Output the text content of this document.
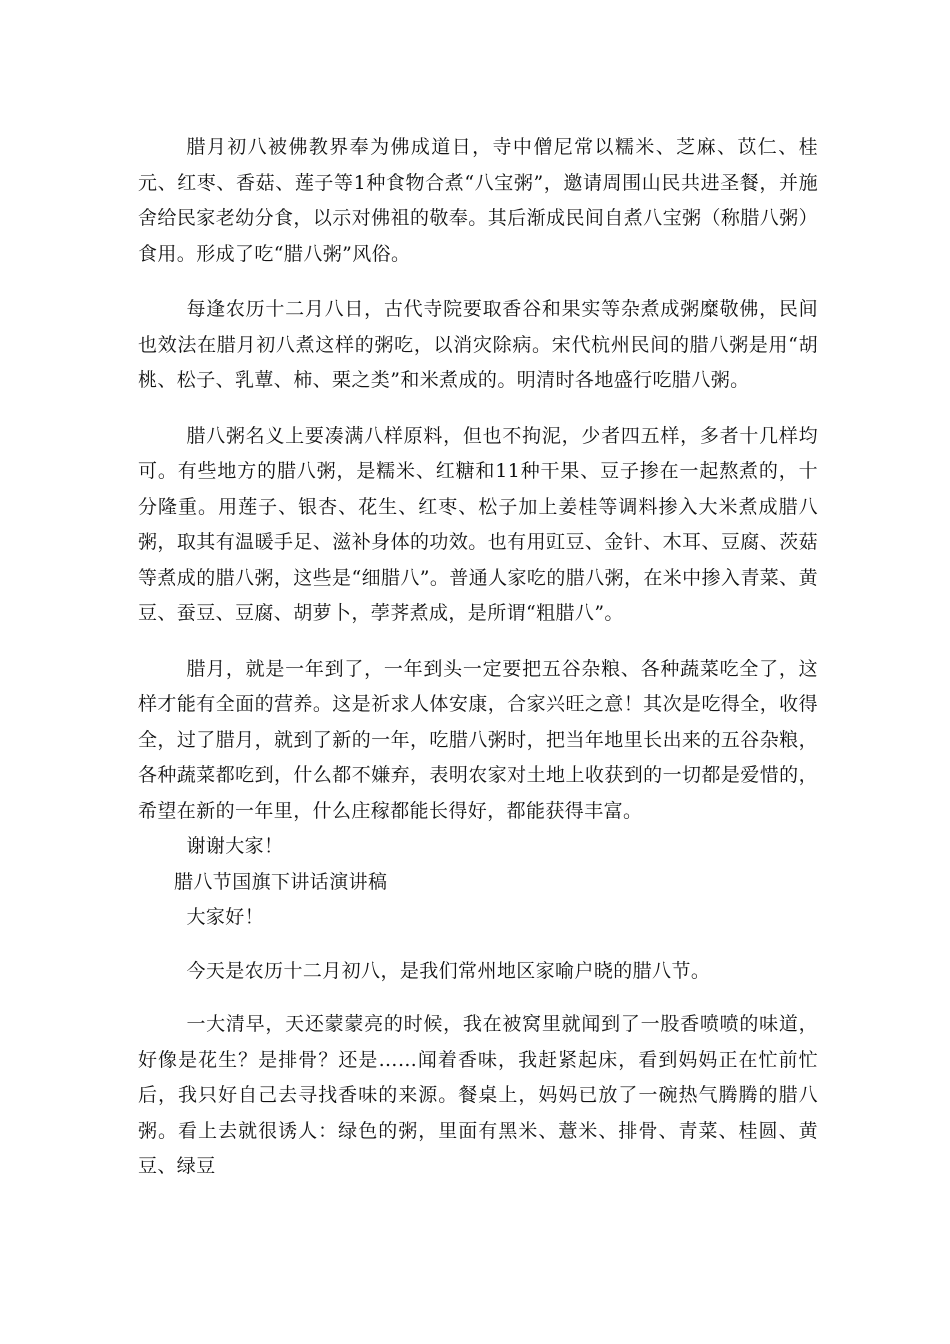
腊月初八被佛教界奉为佛成道日，寺中僧尼常以糯米、芝麻、苡仁、桂元、红枣、香菇、莲子等1种食物合煮“八宝粥”，邀请周围山民共进圣餐，并施舍给民家老幼分食，以示对佛祖的敬奉。其后渐成民间自煮八宝粥（称腊八粥）食用。形成了吃“腊八粥”风俗。

每逢农历十二月八日，古代寺院要取香谷和果实等杂煮成粥糜敬佛，民间也效法在腊月初八煮这样的粥吃，以消灾除病。宋代杭州民间的腊八粥是用“胡桃、松子、乳蕈、柿、栗之类”和米煮成的。明清时各地盛行吃腊八粥。

腊八粥名义上要凑满八样原料，但也不拘泥，少者四五样，多者十几样均可。有些地方的腊八粥，是糯米、红糖和11种干果、豆子掺在一起熬煮的，十分隆重。用莲子、银杏、花生、红枣、松子加上姜桂等调料掺入大米煮成腊八粥，取其有温暖手足、滋补身体的功效。也有用豇豆、金针、木耳、豆腐、茨菇等煮成的腊八粥，这些是“细腊八”。普通人家吃的腊八粥，在米中掺入青菜、黄豆、蚕豆、豆腐、胡萝卜，荸荠煮成，是所谓“粗腊八”。

腊月，就是一年到了，一年到头一定要把五谷杂粮、各种蔬菜吃全了，这样才能有全面的营养。这是祈求人体安康，合家兴旺之意！其次是吃得全，收得全，过了腊月，就到了新的一年，吃腊八粥时，把当年地里长出来的五谷杂粮，各种蔬菜都吃到，什么都不嫌弃，表明农家对土地上收获到的一切都是爱惜的，希望在新的一年里，什么庄稼都能长得好，都能获得丰富。

谢谢大家！

腊八节国旗下讲话演讲稿

大家好！

今天是农历十二月初八，是我们常州地区家喻户晓的腊八节。

一大清早，天还蒙蒙亮的时候，我在被窝里就闻到了一股香喷喷的味道，好像是花生？是排骨？还是……闻着香味，我赶紧起床，看到妈妈正在忙前忙后，我只好自己去寻找香味的来源。餐桌上，妈妈已放了一碗热气腾腾的腊八粥。看上去就很诱人：绿色的粥，里面有黑米、薏米、排骨、青菜、桂圆、黄豆、绿豆
